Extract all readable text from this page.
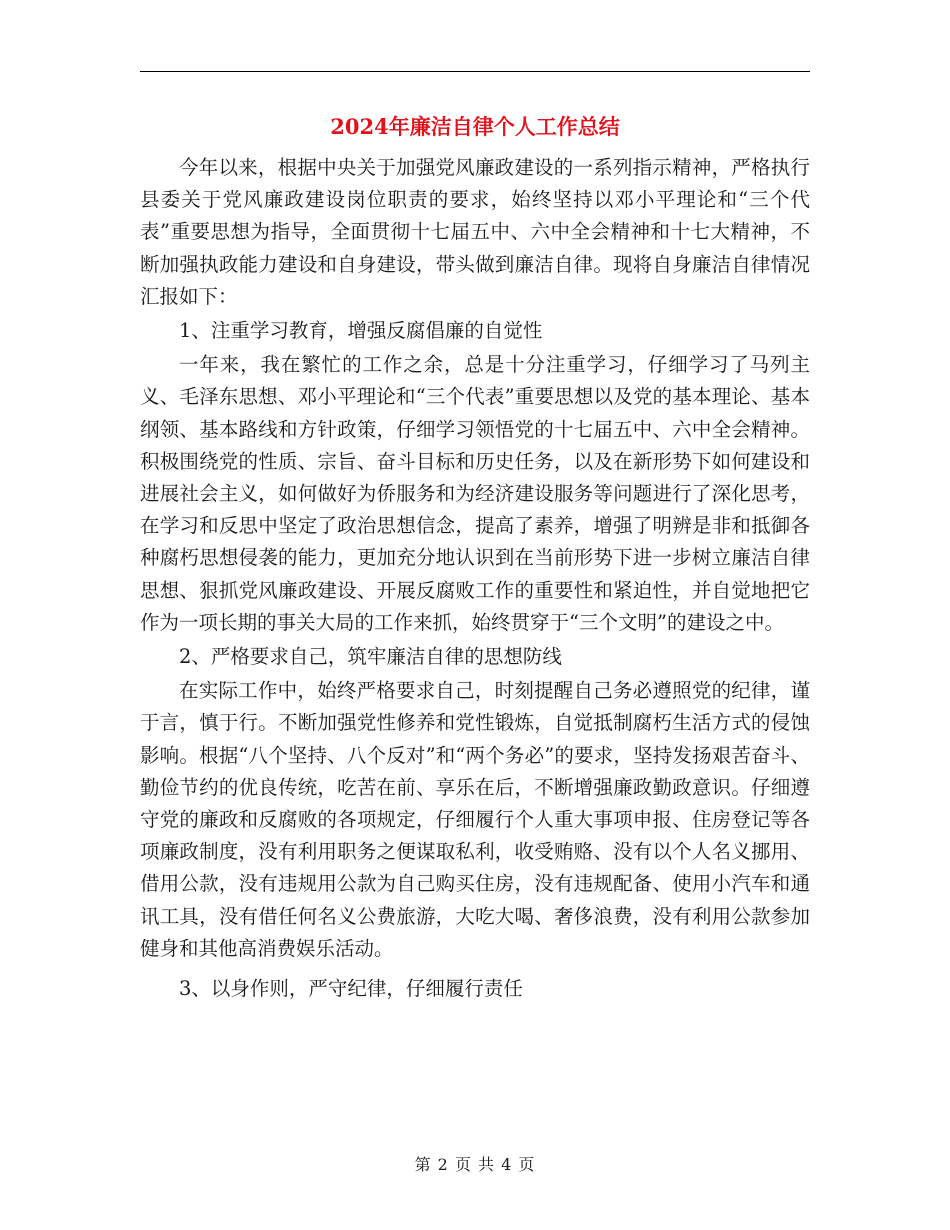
2024年廉洁自律个人工作总结

今年以来，根据中央关于加强党风廉政建设的一系列指示精神，严格执行县委关于党风廉政建设岗位职责的要求，始终坚持以邓小平理论和“三个代表”重要思想为指导，全面贯彻十七届五中、六中全会精神和十七大精神，不断加强执政能力建设和自身建设，带头做到廉洁自律。现将自身廉洁自律情况汇报如下：

1、注重学习教育，增强反腐倡廉的自觉性

一年来，我在繁忙的工作之余，总是十分注重学习，仔细学习了马列主义、毛泽东思想、邓小平理论和“三个代表”重要思想以及党的基本理论、基本纲领、基本路线和方针政策，仔细学习领悟党的十七届五中、六中全会精神。积极围绕党的性质、宗旨、奋斗目标和历史任务，以及在新形势下如何建设和进展社会主义，如何做好为侨服务和为经济建设服务等问题进行了深化思考，在学习和反思中坚定了政治思想信念，提高了素养，增强了明辨是非和抵御各种腐朽思想侵袭的能力，更加充分地认识到在当前形势下进一步树立廉洁自律思想、狠抓党风廉政建设、开展反腐败工作的重要性和紧迫性，并自觉地把它作为一项长期的事关大局的工作来抓，始终贯穿于“三个文明”的建设之中。

2、严格要求自己，筑牢廉洁自律的思想防线

在实际工作中，始终严格要求自己，时刻提醒自己务必遵照党的纪律，谨于言，慎于行。不断加强党性修养和党性锻炼，自觉抵制腐朽生活方式的侵蚀影响。根据“八个坚持、八个反对”和“两个务必”的要求，坚持发扬艰苦奋斗、勤俭节约的优良传统，吃苦在前、享乐在后，不断增强廉政勤政意识。仔细遵守党的廉政和反腐败的各项规定，仔细履行个人重大事项申报、住房登记等各项廉政制度，没有利用职务之便谋取私利，收受贿赂、没有以个人名义挪用、借用公款，没有违规用公款为自己购买住房，没有违规配备、使用小汽车和通讯工具，没有借任何名义公费旅游，大吃大喝、奢侈浪费，没有利用公款参加健身和其他高消费娱乐活动。

3、以身作则，严守纪律，仔细履行责任

第 2 页 共 4 页
